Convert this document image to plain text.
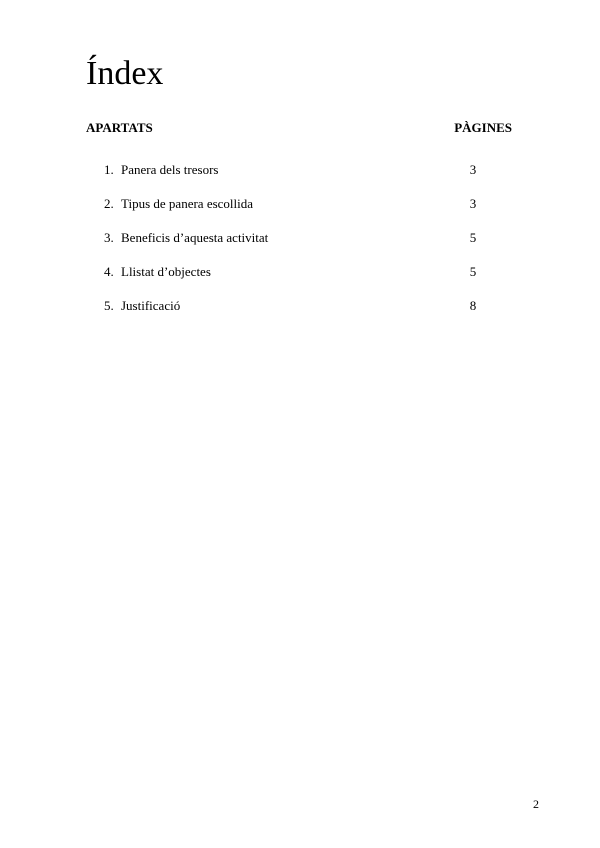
Índex
APARTATS	PÀGINES
1. Panera dels tresors	3
2. Tipus de panera escollida	3
3. Beneficis d’aquesta activitat	5
4. Llistat d’objectes	5
5. Justificació	8
2
